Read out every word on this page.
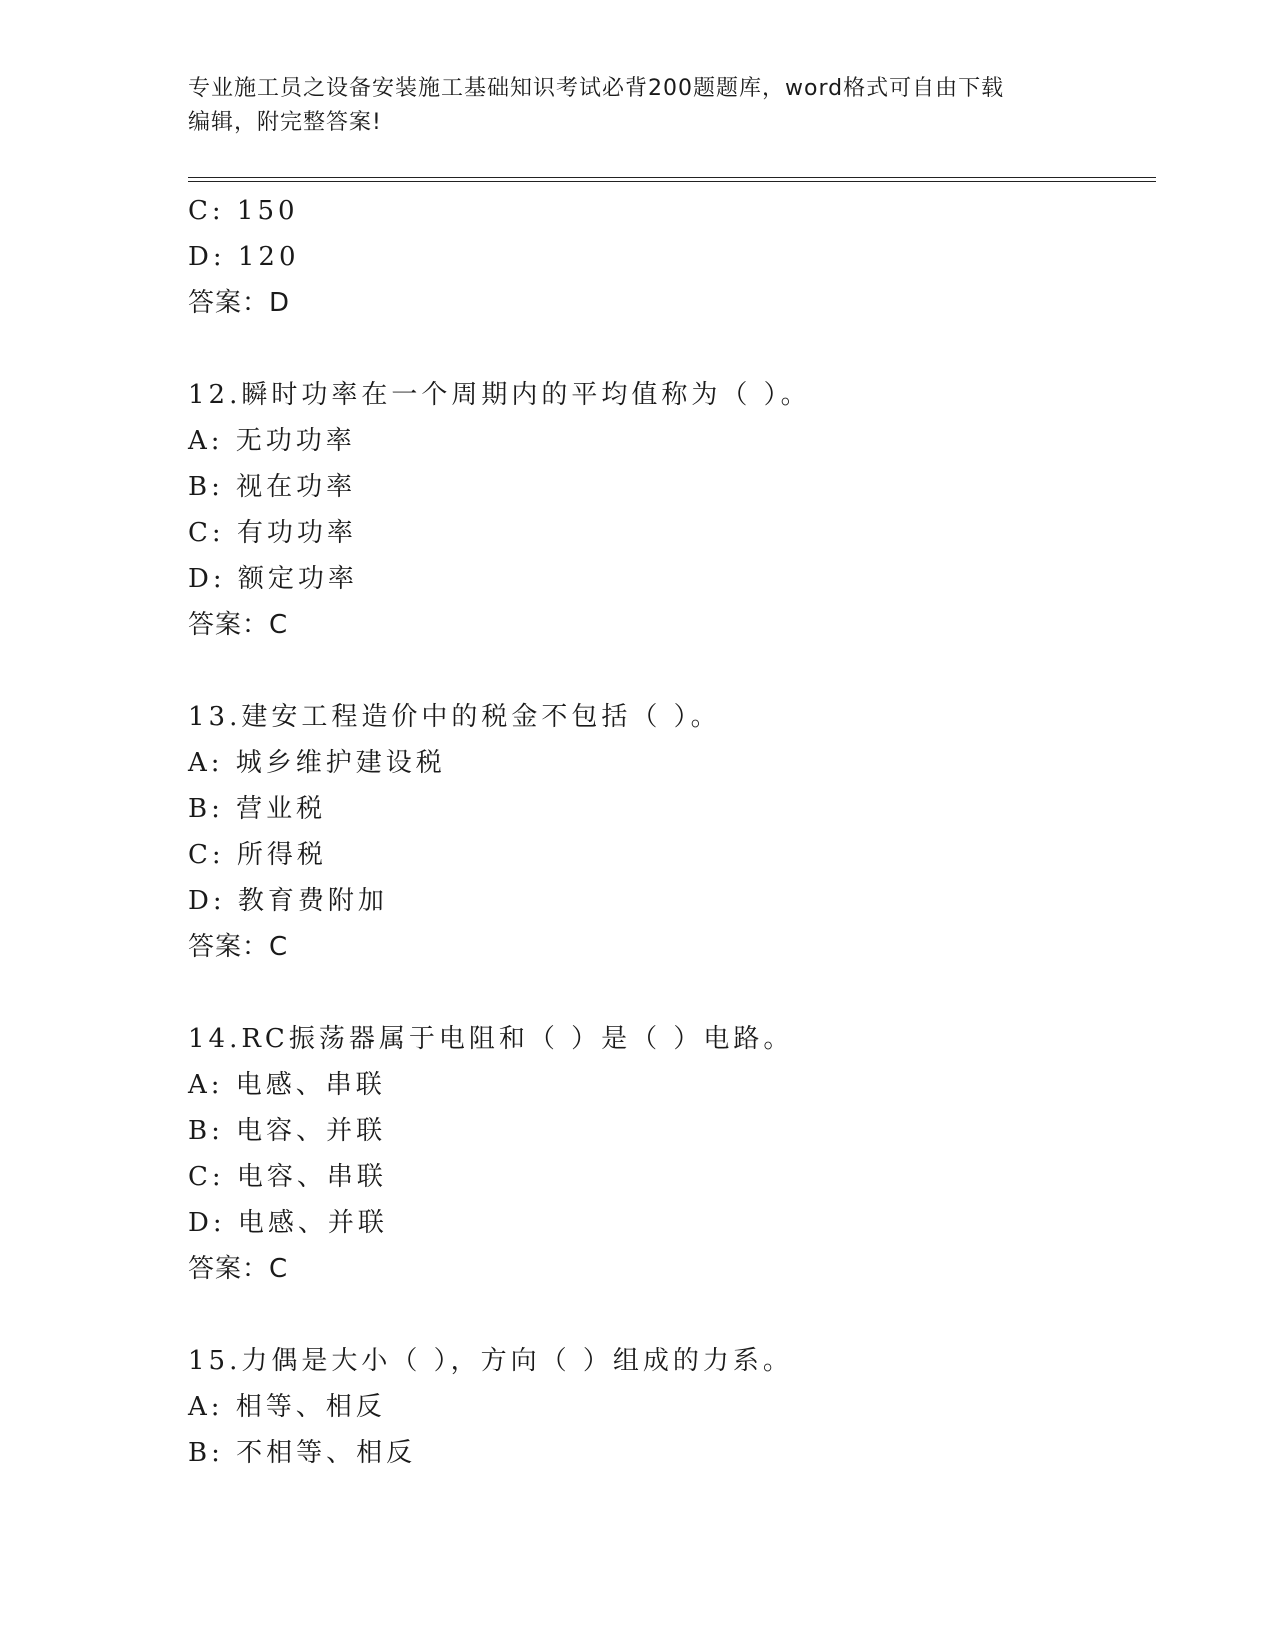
专业施工员之设备安装施工基础知识考试必背200题题库，word格式可自由下载
编辑，附完整答案!
C: 150
D: 120
答案：D
12.瞬时功率在一个周期内的平均值称为（ ）。
A: 无功功率
B: 视在功率
C: 有功功率
D: 额定功率
答案：C
13.建安工程造价中的税金不包括（ ）。
A: 城乡维护建设税
B: 营业税
C: 所得税
D: 教育费附加
答案：C
14.RC振荡器属于电阻和（ ）是（ ）电路。
A: 电感、串联
B: 电容、并联
C: 电容、串联
D: 电感、并联
答案：C
15.力偶是大小（ ），方向（ ）组成的力系。
A: 相等、相反
B: 不相等、相反
